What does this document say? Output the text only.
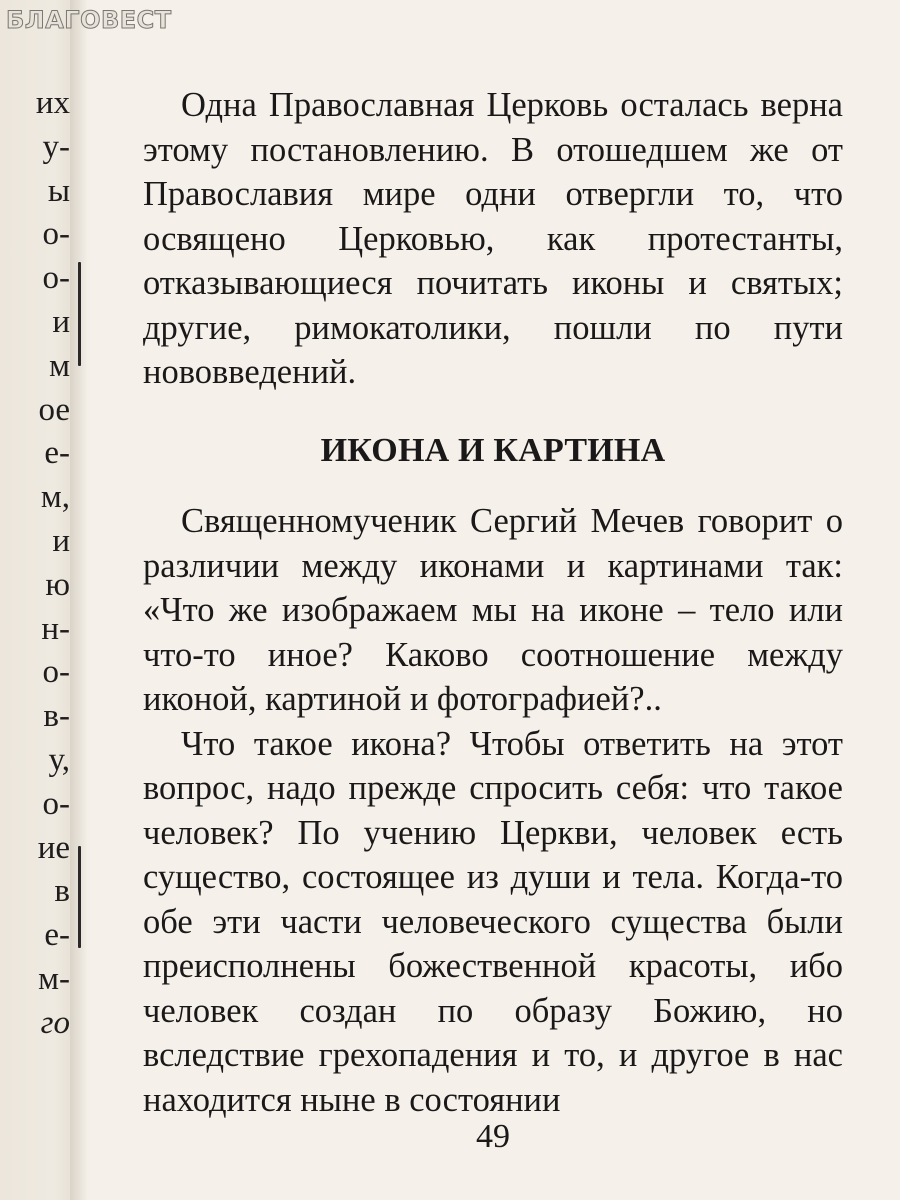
БЛАГОВЕСТ
их
у-
ы
о-
о-
и
м
ое
е-
м,
и
ю
н-
о-
в-
у,
о-
ие
в
е-
м-
го

Одна Православная Церковь осталась верна этому постановлению. В отошедшем же от Православия мире одни отвергли то, что освящено Церковью, как протестанты, отказывающиеся почитать иконы и святых; другие, римокатолики, пошли по пути нововведений.

ИКОНА И КАРТИНА

Священномученик Сергий Мечев говорит о различии между иконами и картинами так: «Что же изображаем мы на иконе – тело или что-то иное? Каково соотношение между иконой, картиной и фотографией?..

Что такое икона? Чтобы ответить на этот вопрос, надо прежде спросить себя: что такое человек? По учению Церкви, человек есть существо, состоящее из души и тела. Когда-то обе эти части человеческого существа были преисполнены божественной красоты, ибо человек создан по образу Божию, но вследствие грехопадения и то, и другое в нас находится ныне в состоянии

49
